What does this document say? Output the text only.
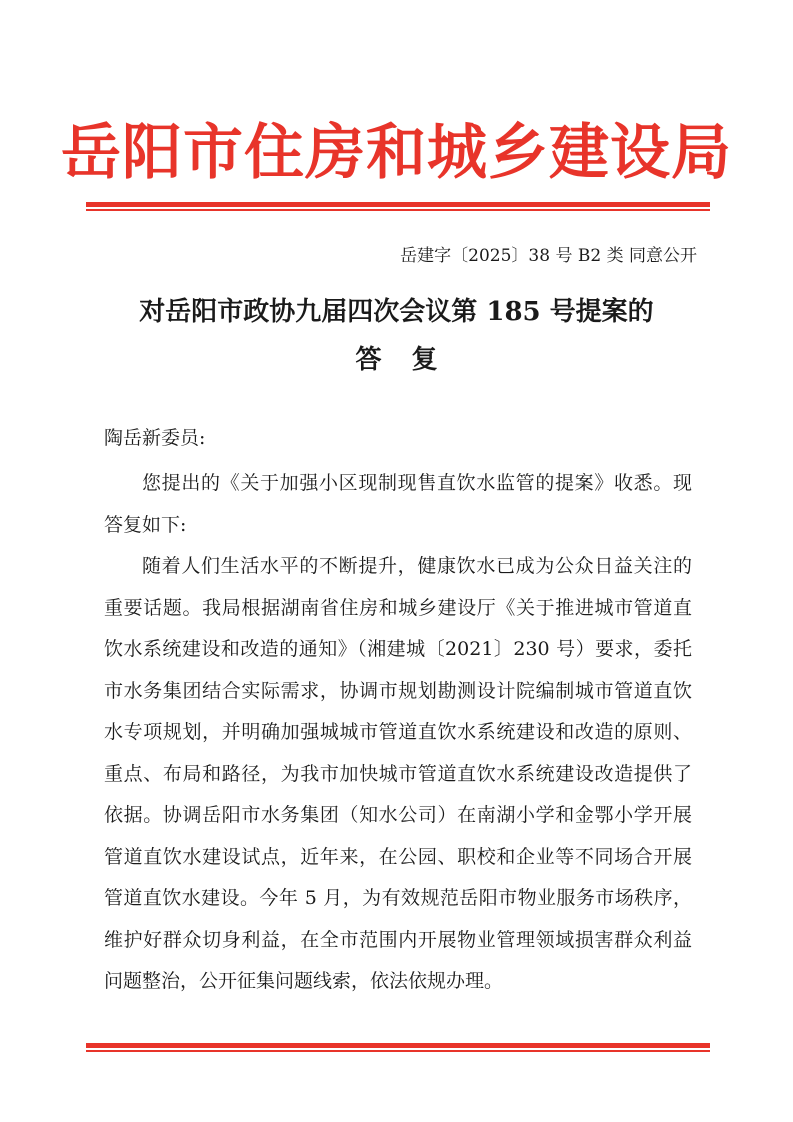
岳阳市住房和城乡建设局
岳建字〔2025〕38 号 B2 类 同意公开
对岳阳市政协九届四次会议第 185 号提案的
答复
陶岳新委员:

您提出的《关于加强小区现制现售直饮水监管的提案》收悉。现答复如下:

随着人们生活水平的不断提升，健康饮水已成为公众日益关注的重要话题。我局根据湖南省住房和城乡建设厅《关于推进城市管道直饮水系统建设和改造的通知》（湘建城〔2021〕230 号）要求，委托市水务集团结合实际需求，协调市规划勘测设计院编制城市管道直饮水专项规划，并明确加强城城市管道直饮水系统建设和改造的原则、重点、布局和路径，为我市加快城市管道直饮水系统建设改造提供了依据。协调岳阳市水务集团（知水公司）在南湖小学和金鄂小学开展管道直饮水建设试点，近年来，在公园、职校和企业等不同场合开展管道直饮水建设。今年 5 月，为有效规范岳阳市物业服务市场秩序，维护好群众切身利益，在全市范围内开展物业管理领域损害群众利益问题整治，公开征集问题线索，依法依规办理。
